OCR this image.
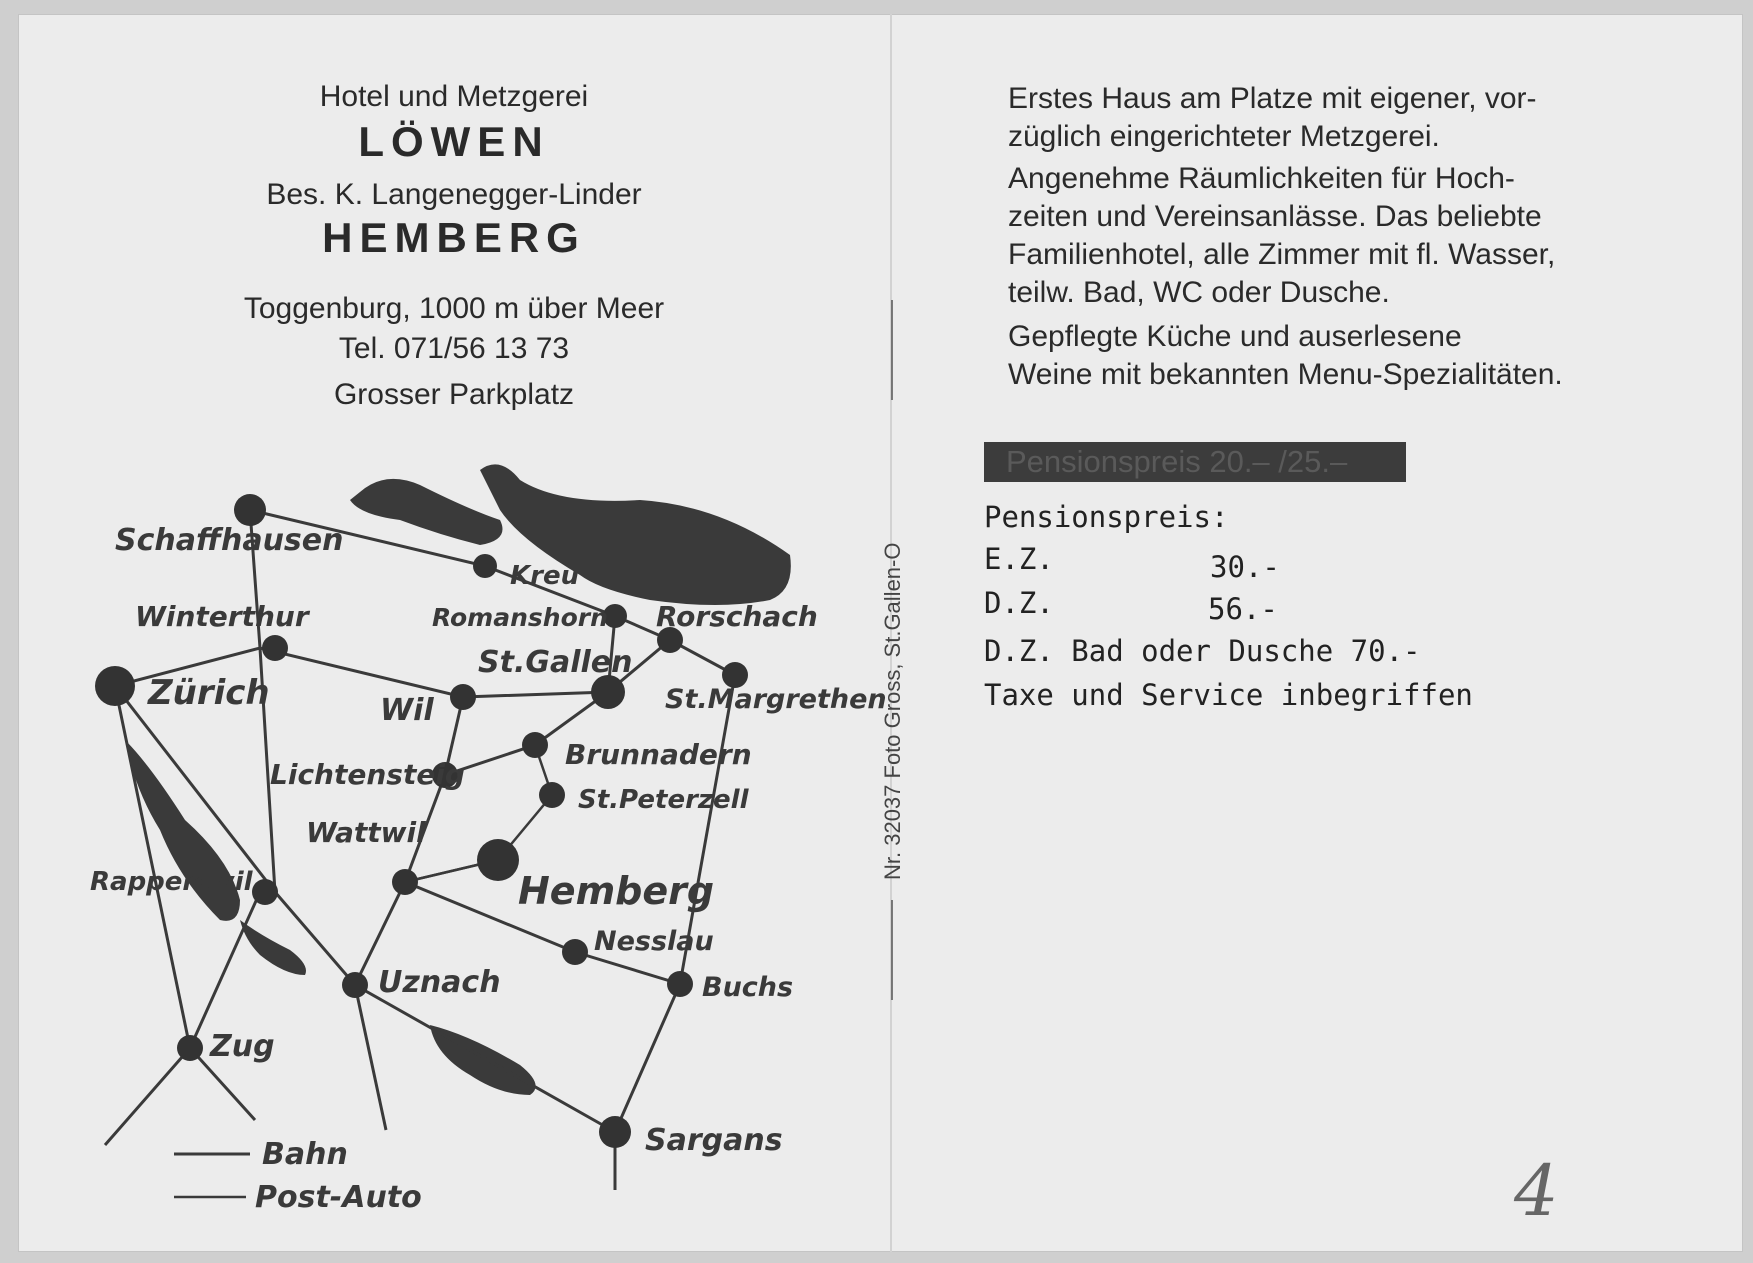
Hotel und Metzgerei
LÖWEN
Bes. K. Langenegger-Linder
HEMBERG
Toggenburg, 1000 m über Meer
Tel. 071/56 13 73
Grosser Parkplatz
Schaffhausen
Kreu
Winterthur	Romanshorn Rorschach
St.Gallen
Zürich	Wil	St.Margrethen
Brunnadern
Lichtensteig
St.Peterzell
Wattwil
Rapperswil	Hemberg
Nesslau
Uznach	Buchs
Zug
Sargans
Bahn
Post-Auto
Nr. 32037 Foto Gross, St.Gallen-O
Erstes Haus am Platze mit eigener, vor-
züglich eingerichteter Metzgerei.
Angenehme Räumlichkeiten für Hoch-
zeiten und Vereinsanlässe. Das beliebte
Familienhotel, alle Zimmer mit fl. Wasser,
teilw. Bad, WC oder Dusche.
Gepflegte Küche und auserlesene
Weine mit bekannten Menu-Spezialitäten.
Pensionspreis 20.– /25.–
Pensionspreis:
E.Z.	30.-
D.Z.	56.-
D.Z. Bad oder Dusche 70.-
Taxe und Service inbegriffen
4
